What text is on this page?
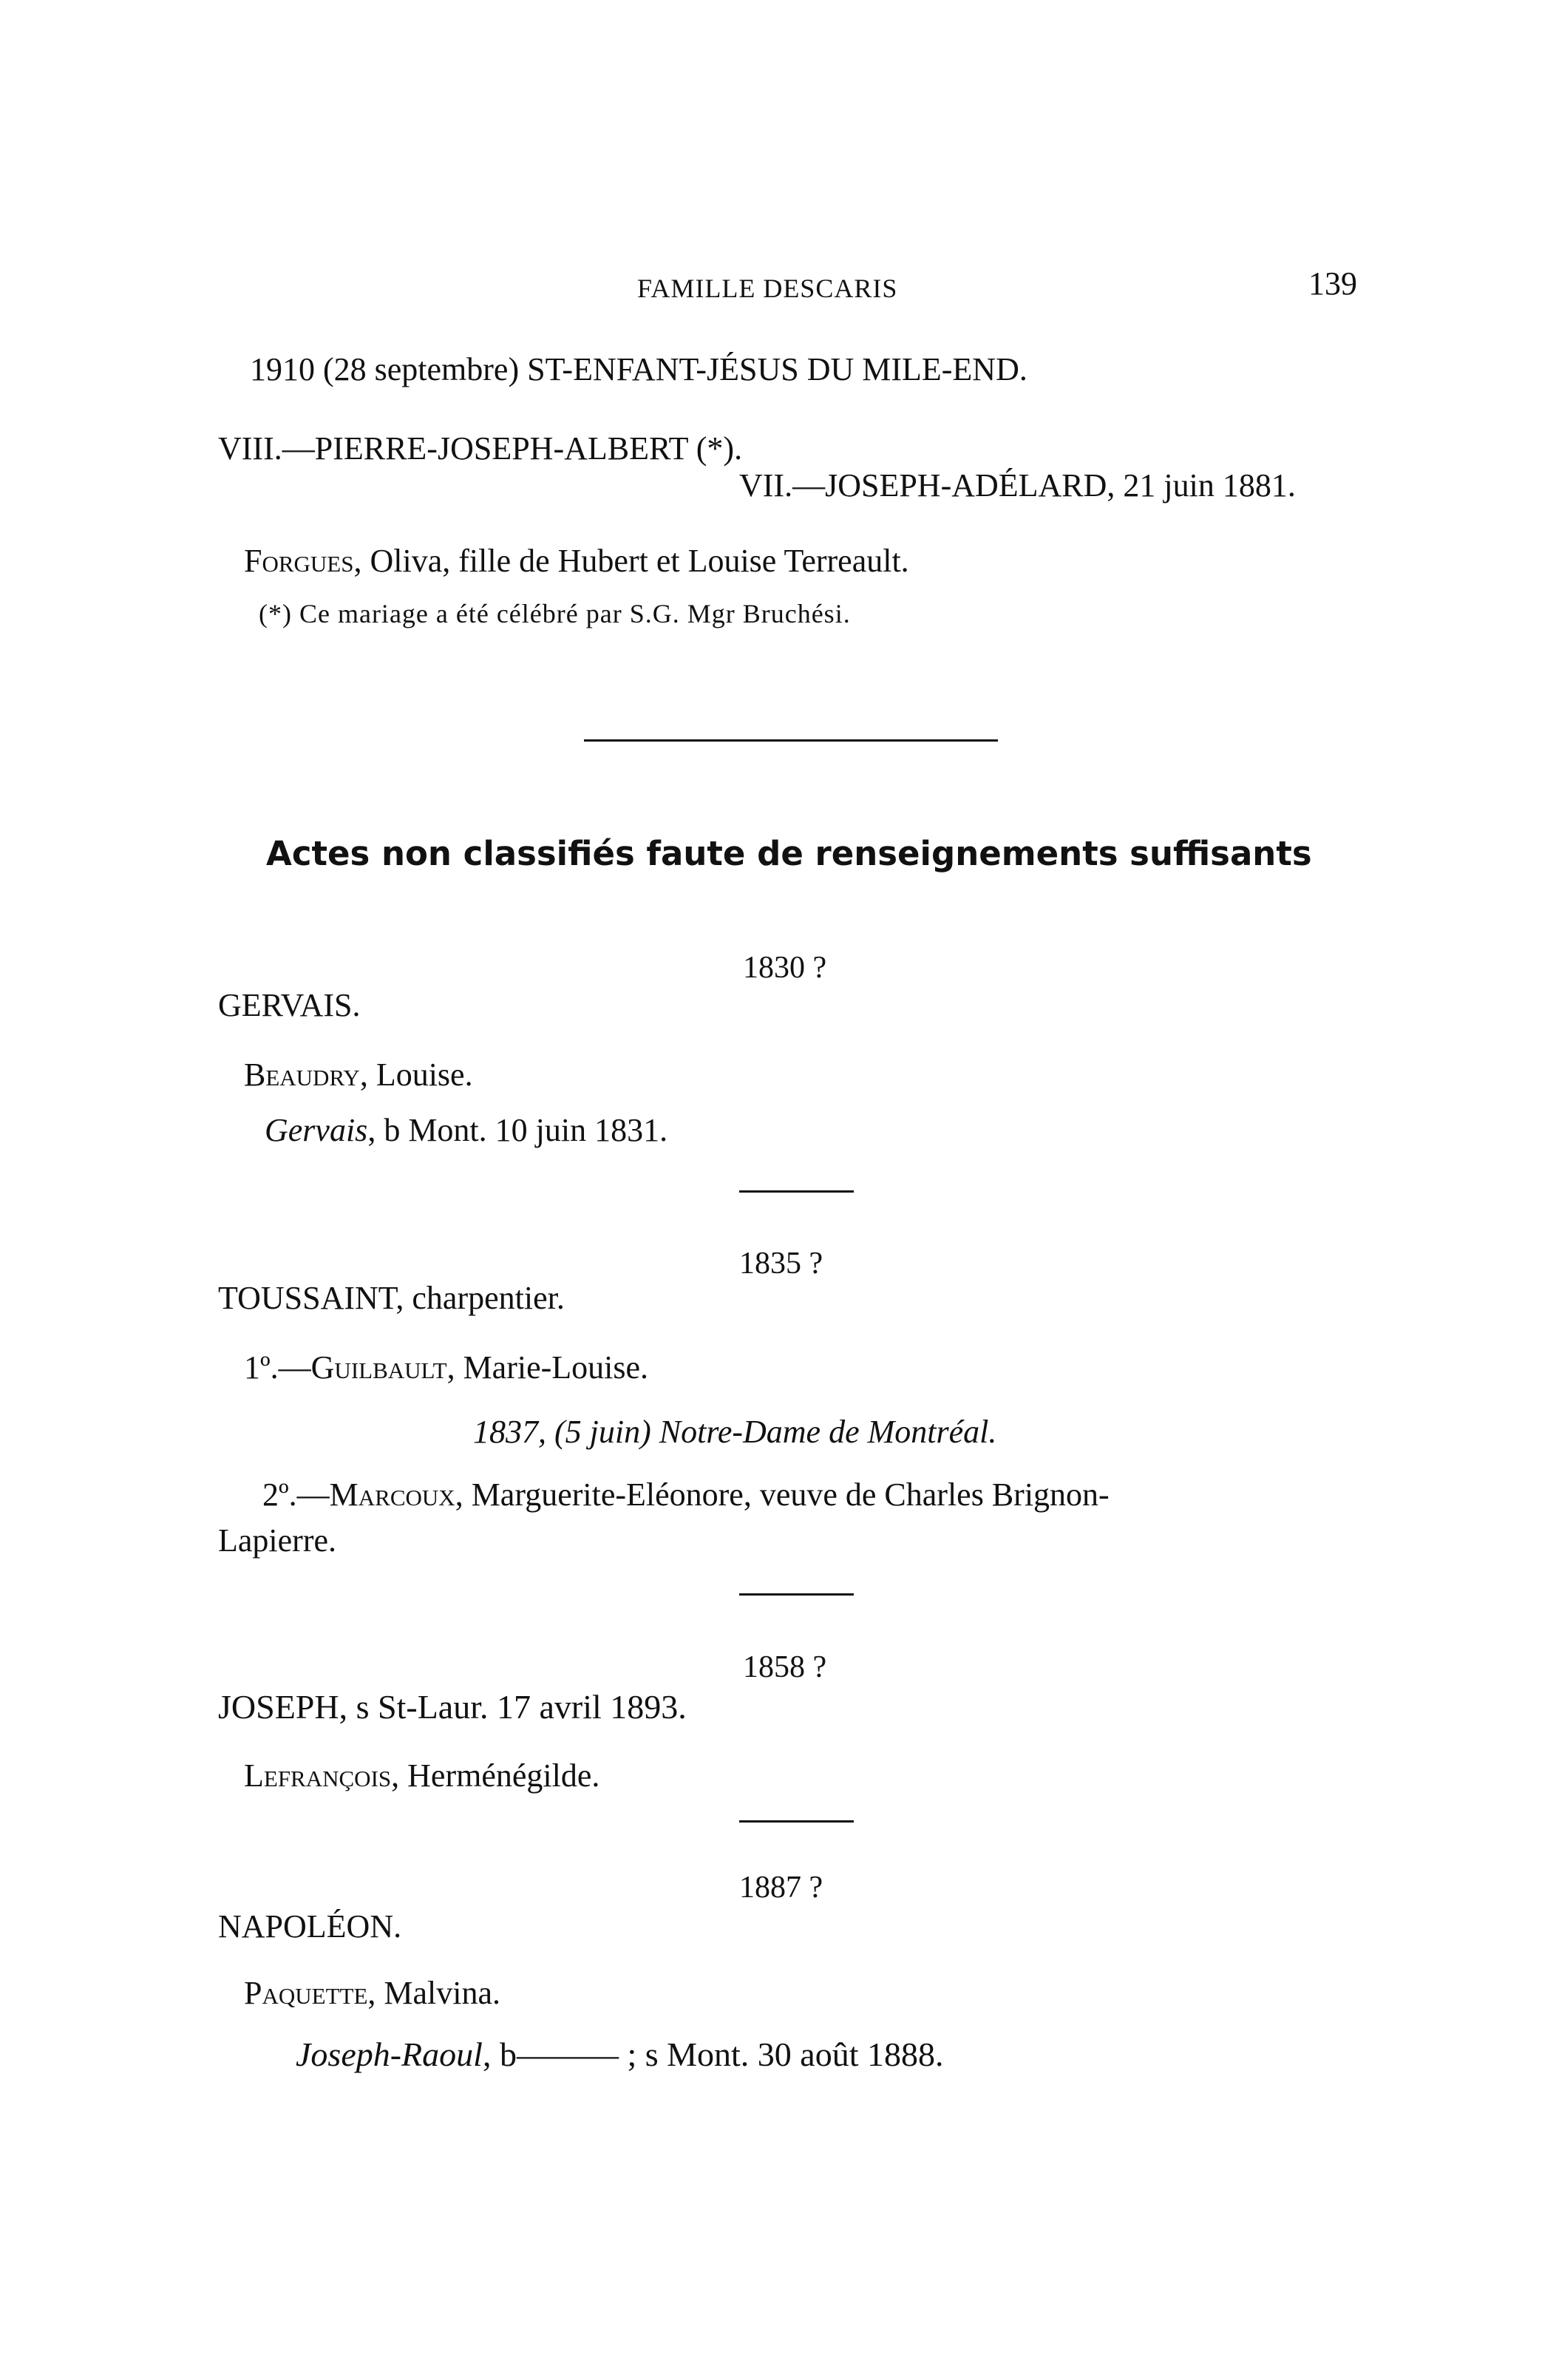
FAMILLE DESCARIS	139
1910 (28 septembre) ST-ENFANT-JÉSUS DU MILE-END.
VIII.—PIERRE-JOSEPH-ALBERT (*).
VII.—JOSEPH-ADÉLARD, 21 juin 1881.
Forgues, Oliva, fille de Hubert et Louise Terreault.
(*) Ce mariage a été célébré par S.G. Mgr Bruchési.
Actes non classifiés faute de renseignements suffisants
1830 ?
GERVAIS.
Beaudry, Louise.
Gervais, b Mont. 10 juin 1831.
1835 ?
TOUSSAINT, charpentier.
1º.—Guilbault, Marie-Louise.
1837, (5 juin) Notre-Dame de Montréal.
2º.—Marcoux, Marguerite-Eléonore, veuve de Charles Brignon-
Lapierre.
1858 ?
JOSEPH, s St-Laur. 17 avril 1893.
Lefrançois, Herménégilde.
1887 ?
NAPOLÉON.
Paquette, Malvina.
Joseph-Raoul, b——— ; s Mont. 30 août 1888.
